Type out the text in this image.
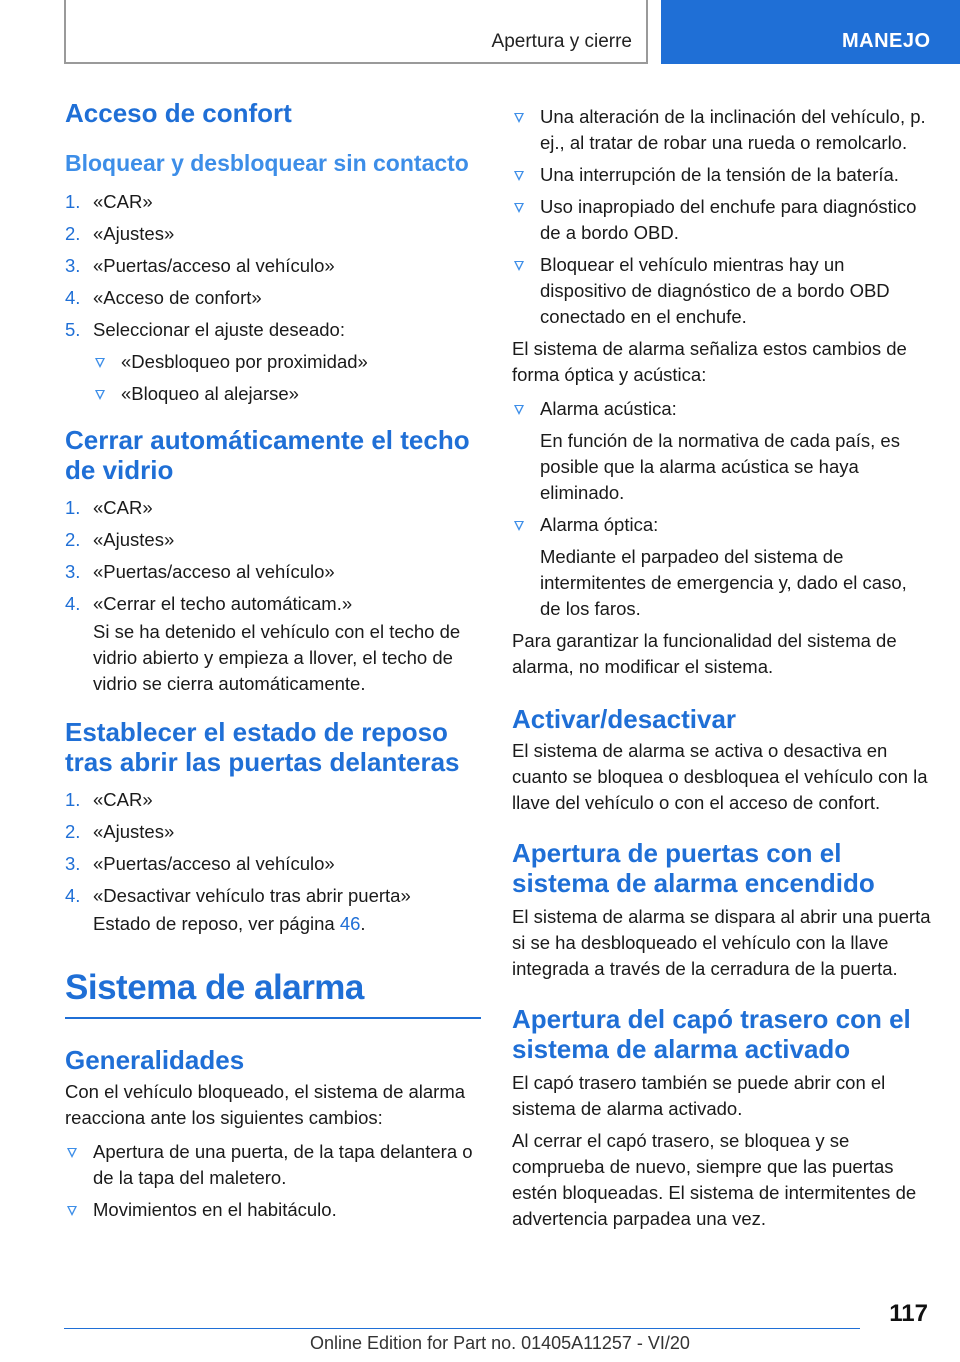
Apertura y cierre	MANEJO
Acceso de confort
Bloquear y desbloquear sin contacto
1. «CAR»
2. «Ajustes»
3. «Puertas/acceso al vehículo»
4. «Acceso de confort»
5. Seleccionar el ajuste deseado:
«Desbloqueo por proximidad»
«Bloqueo al alejarse»
Cerrar automáticamente el techo de vidrio
1. «CAR»
2. «Ajustes»
3. «Puertas/acceso al vehículo»
4. «Cerrar el techo automáticam.»

Si se ha detenido el vehículo con el techo de vidrio abierto y empieza a llover, el techo de vidrio se cierra automáticamente.

Establecer el estado de reposo tras abrir las puertas delanteras
1. «CAR»
2. «Ajustes»
3. «Puertas/acceso al vehículo»
4. «Desactivar vehículo tras abrir puerta»

Estado de reposo, ver página 46.

Sistema de alarma
Generalidades

Con el vehículo bloqueado, el sistema de alarma reacciona ante los siguientes cambios:

Apertura de una puerta, de la tapa delantera o de la tapa del maletero.
Movimientos en el habitáculo.
Una alteración de la inclinación del vehículo, p. ej., al tratar de robar una rueda o remolcarlo.
Una interrupción de la tensión de la batería.
Uso inapropiado del enchufe para diagnóstico de a bordo OBD.
Bloquear el vehículo mientras hay un dispositivo de diagnóstico de a bordo OBD conectado en el enchufe.

El sistema de alarma señaliza estos cambios de forma óptica y acústica:

Alarma acústica:

En función de la normativa de cada país, es posible que la alarma acústica se haya eliminado.

Alarma óptica:

Mediante el parpadeo del sistema de intermitentes de emergencia y, dado el caso, de los faros.

Para garantizar la funcionalidad del sistema de alarma, no modificar el sistema.

Activar/desactivar

El sistema de alarma se activa o desactiva en cuanto se bloquea o desbloquea el vehículo con la llave del vehículo o con el acceso de confort.

Apertura de puertas con el sistema de alarma encendido

El sistema de alarma se dispara al abrir una puerta si se ha desbloqueado el vehículo con la llave integrada a través de la cerradura de la puerta.

Apertura del capó trasero con el sistema de alarma activado

El capó trasero también se puede abrir con el sistema de alarma activado.

Al cerrar el capó trasero, se bloquea y se comprueba de nuevo, siempre que las puertas estén bloqueadas. El sistema de intermitentes de advertencia parpadea una vez.

117
Online Edition for Part no. 01405A11257 - VI/20
